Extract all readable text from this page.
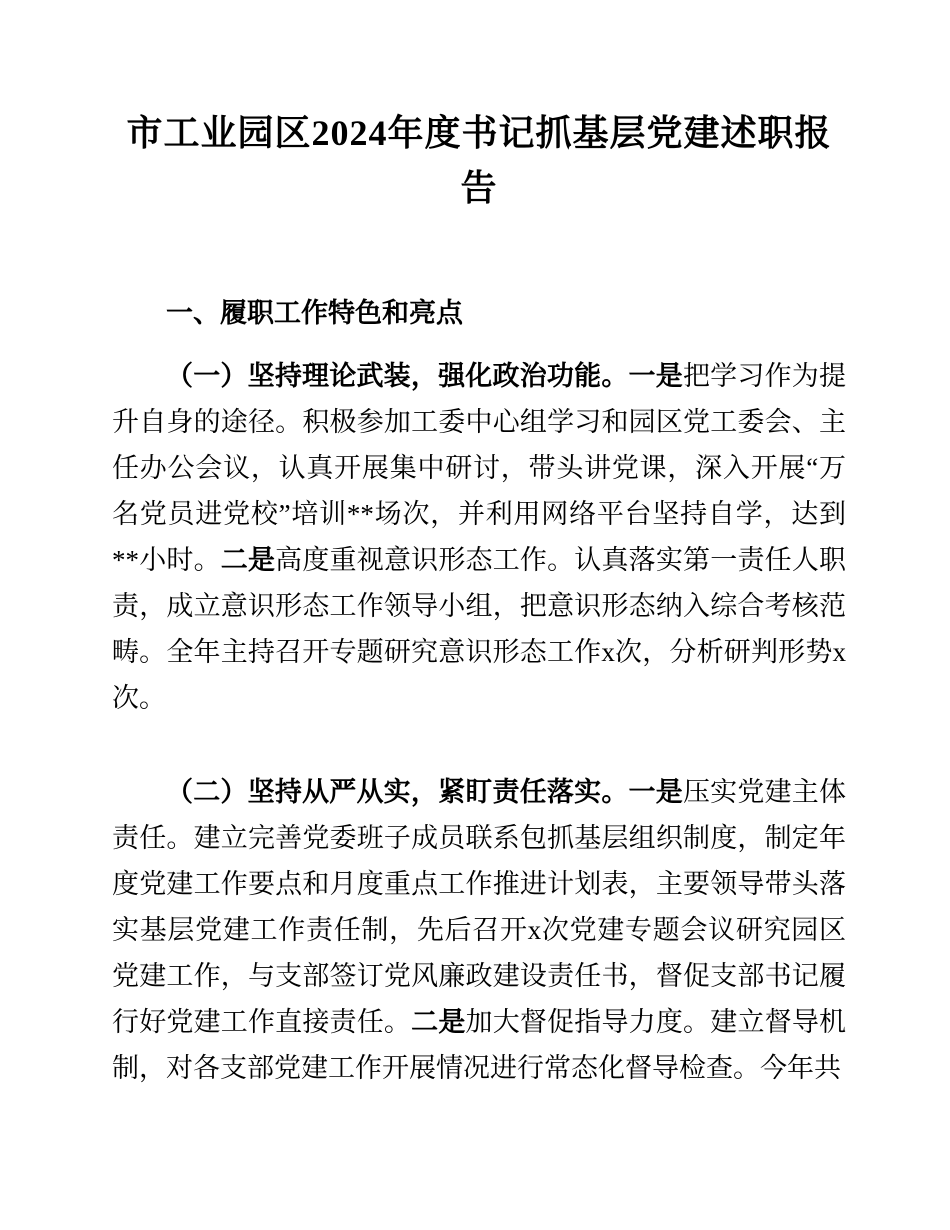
市工业园区2024年度书记抓基层党建述职报告
一、履职工作特色和亮点

（一）坚持理论武装，强化政治功能。一是把学习作为提升自身的途径。积极参加工委中心组学习和园区党工委会、主任办公会议，认真开展集中研讨，带头讲党课，深入开展“万名党员进党校”培训**场次，并利用网络平台坚持自学，达到**小时。二是高度重视意识形态工作。认真落实第一责任人职责，成立意识形态工作领导小组，把意识形态纳入综合考核范畴。全年主持召开专题研究意识形态工作x次，分析研判形势x次。

（二）坚持从严从实，紧盯责任落实。一是压实党建主体责任。建立完善党委班子成员联系包抓基层组织制度，制定年度党建工作要点和月度重点工作推进计划表，主要领导带头落实基层党建工作责任制，先后召开x次党建专题会议研究园区党建工作，与支部签订党风廉政建设责任书，督促支部书记履行好党建工作直接责任。二是加大督促指导力度。建立督导机制，对各支部党建工作开展情况进行常态化督导检查。今年共
